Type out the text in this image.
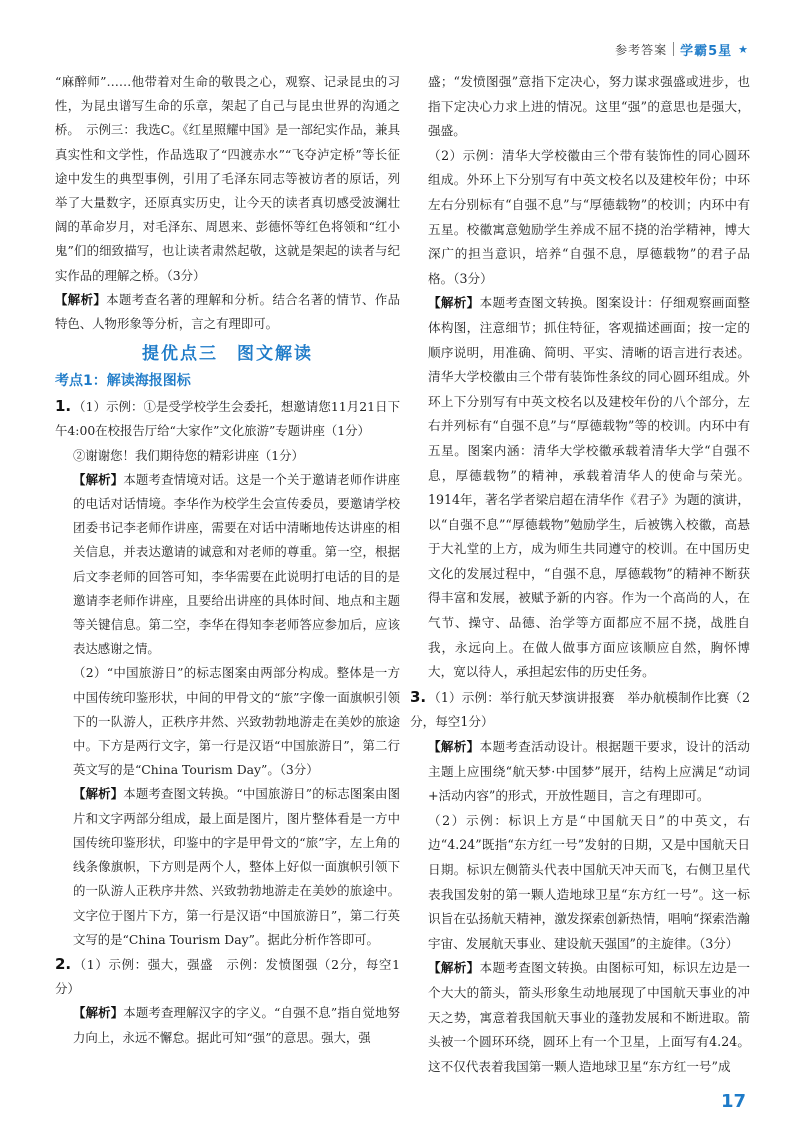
参考答案 学霸5星 ★

“麻醉师”……他带着对生命的敬畏之心，观察、记录昆虫的习性，为昆虫谱写生命的乐章，架起了自己与昆虫世界的沟通之桥。　示例三：我选C。《红星照耀中国》是一部纪实作品，兼具真实性和文学性，作品选取了“四渡赤水”“飞夺泸定桥”等长征途中发生的典型事例，引用了毛泽东同志等被访者的原话，列举了大量数字，还原真实历史，让今天的读者真切感受波澜壮阔的革命岁月，对毛泽东、周恩来、彭德怀等红色将领和“红小鬼”们的细致描写，也让读者肃然起敬，这就是架起的读者与纪实作品的理解之桥。（3分）

【解析】本题考查名著的理解和分析。结合名著的情节、作品特色、人物形象等分析，言之有理即可。

提优点三　图文解读
考点1：解读海报图标

1. （1）示例：①是受学校学生会委托，想邀请您11月21日下午4:00在校报告厅给“大家作”文化旅游”专题讲座（1分）

②谢谢您！我们期待您的精彩讲座（1分）

【解析】本题考查情境对话。这是一个关于邀请老师作讲座的电话对话情境。李华作为校学生会宣传委员，要邀请学校团委书记李老师作讲座，需要在对话中清晰地传达讲座的相关信息，并表达邀请的诚意和对老师的尊重。第一空，根据后文李老师的回答可知，李华需要在此说明打电话的目的是邀请李老师作讲座，且要给出讲座的具体时间、地点和主题等关键信息。第二空，李华在得知李老师答应参加后，应该表达感谢之情。

（2）“中国旅游日”的标志图案由两部分构成。整体是一方中国传统印鉴形状，中间的甲骨文的“旅”字像一面旗帜引领下的一队游人，正秩序井然、兴致勃勃地游走在美妙的旅途中。下方是两行文字，第一行是汉语“中国旅游日”，第二行英文写的是“China Tourism Day”。（3分）

【解析】本题考查图文转换。“中国旅游日”的标志图案由图片和文字两部分组成，最上面是图片，图片整体看是一方中国传统印鉴形状，印鉴中的字是甲骨文的“旅”字，左上角的线条像旗帜，下方则是两个人，整体上好似一面旗帜引领下的一队游人正秩序井然、兴致勃勃地游走在美妙的旅途中。文字位于图片下方，第一行是汉语“中国旅游日”，第二行英文写的是“China Tourism Day”。据此分析作答即可。

2. （1）示例：强大，强盛　示例：发愤图强（2分，每空1分）

【解析】本题考查理解汉字的字义。“自强不息”指自觉地努力向上，永远不懈怠。据此可知“强”的意思。强大，强

盛；“发愤图强”意指下定决心，努力谋求强盛或进步，也指下定决心力求上进的情况。这里“强”的意思也是强大，强盛。

（2）示例：清华大学校徽由三个带有装饰性的同心圆环组成。外环上下分别写有中英文校名以及建校年份；中环左右分别标有“自强不息”与“厚德载物”的校训；内环中有五星。校徽寓意勉励学生养成不屈不挠的治学精神，博大深广的担当意识，培养“自强不息，厚德载物”的君子品格。（3分）

【解析】本题考查图文转换。图案设计：仔细观察画面整体构图，注意细节；抓住特征，客观描述画面；按一定的顺序说明，用准确、简明、平实、清晰的语言进行表述。清华大学校徽由三个带有装饰性条纹的同心圆环组成。外环上下分别写有中英文校名以及建校年份的八个部分，左右并列标有“自强不息”与“厚德载物”等的校训。内环中有五星。图案内涵：清华大学校徽承载着清华大学“自强不息，厚德载物”的精神，承载着清华人的使命与荣光。1914年，著名学者梁启超在清华作《君子》为题的演讲，以“自强不息”“厚德载物”勉励学生，后被镌入校徽，高悬于大礼堂的上方，成为师生共同遵守的校训。在中国历史文化的发展过程中，“自强不息，厚德载物”的精神不断获得丰富和发展，被赋予新的内容。作为一个高尚的人，在气节、操守、品德、治学等方面都应不屈不挠，战胜自我，永远向上。在做人做事方面应该顺应自然，胸怀博大，宽以待人，承担起宏伟的历史任务。

3. （1）示例：举行航天梦演讲报赛　举办航模制作比赛（2分，每空1分）

【解析】本题考查活动设计。根据题干要求，设计的活动主题上应围绕“航天梦·中国梦”展开，结构上应满足“动词+活动内容”的形式，开放性题目，言之有理即可。

（2）示例：标识上方是“中国航天日”的中英文，右边“4.24”既指“东方红一号”发射的日期，又是中国航天日日期。标识左侧箭头代表中国航天冲天而飞，右侧卫星代表我国发射的第一颗人造地球卫星“东方红一号”。这一标识旨在弘扬航天精神，激发探索创新热情，唱响“探索浩瀚宇宙、发展航天事业、建设航天强国”的主旋律。（3分）

【解析】本题考查图文转换。由图标可知，标识左边是一个大大的箭头，箭头形象生动地展现了中国航天事业的冲天之势，寓意着我国航天事业的蓬勃发展和不断进取。箭头被一个圆环环绕，圆环上有一个卫星，上面写有4.24。这不仅代表着我国第一颗人造地球卫星“东方红一号”成

17
